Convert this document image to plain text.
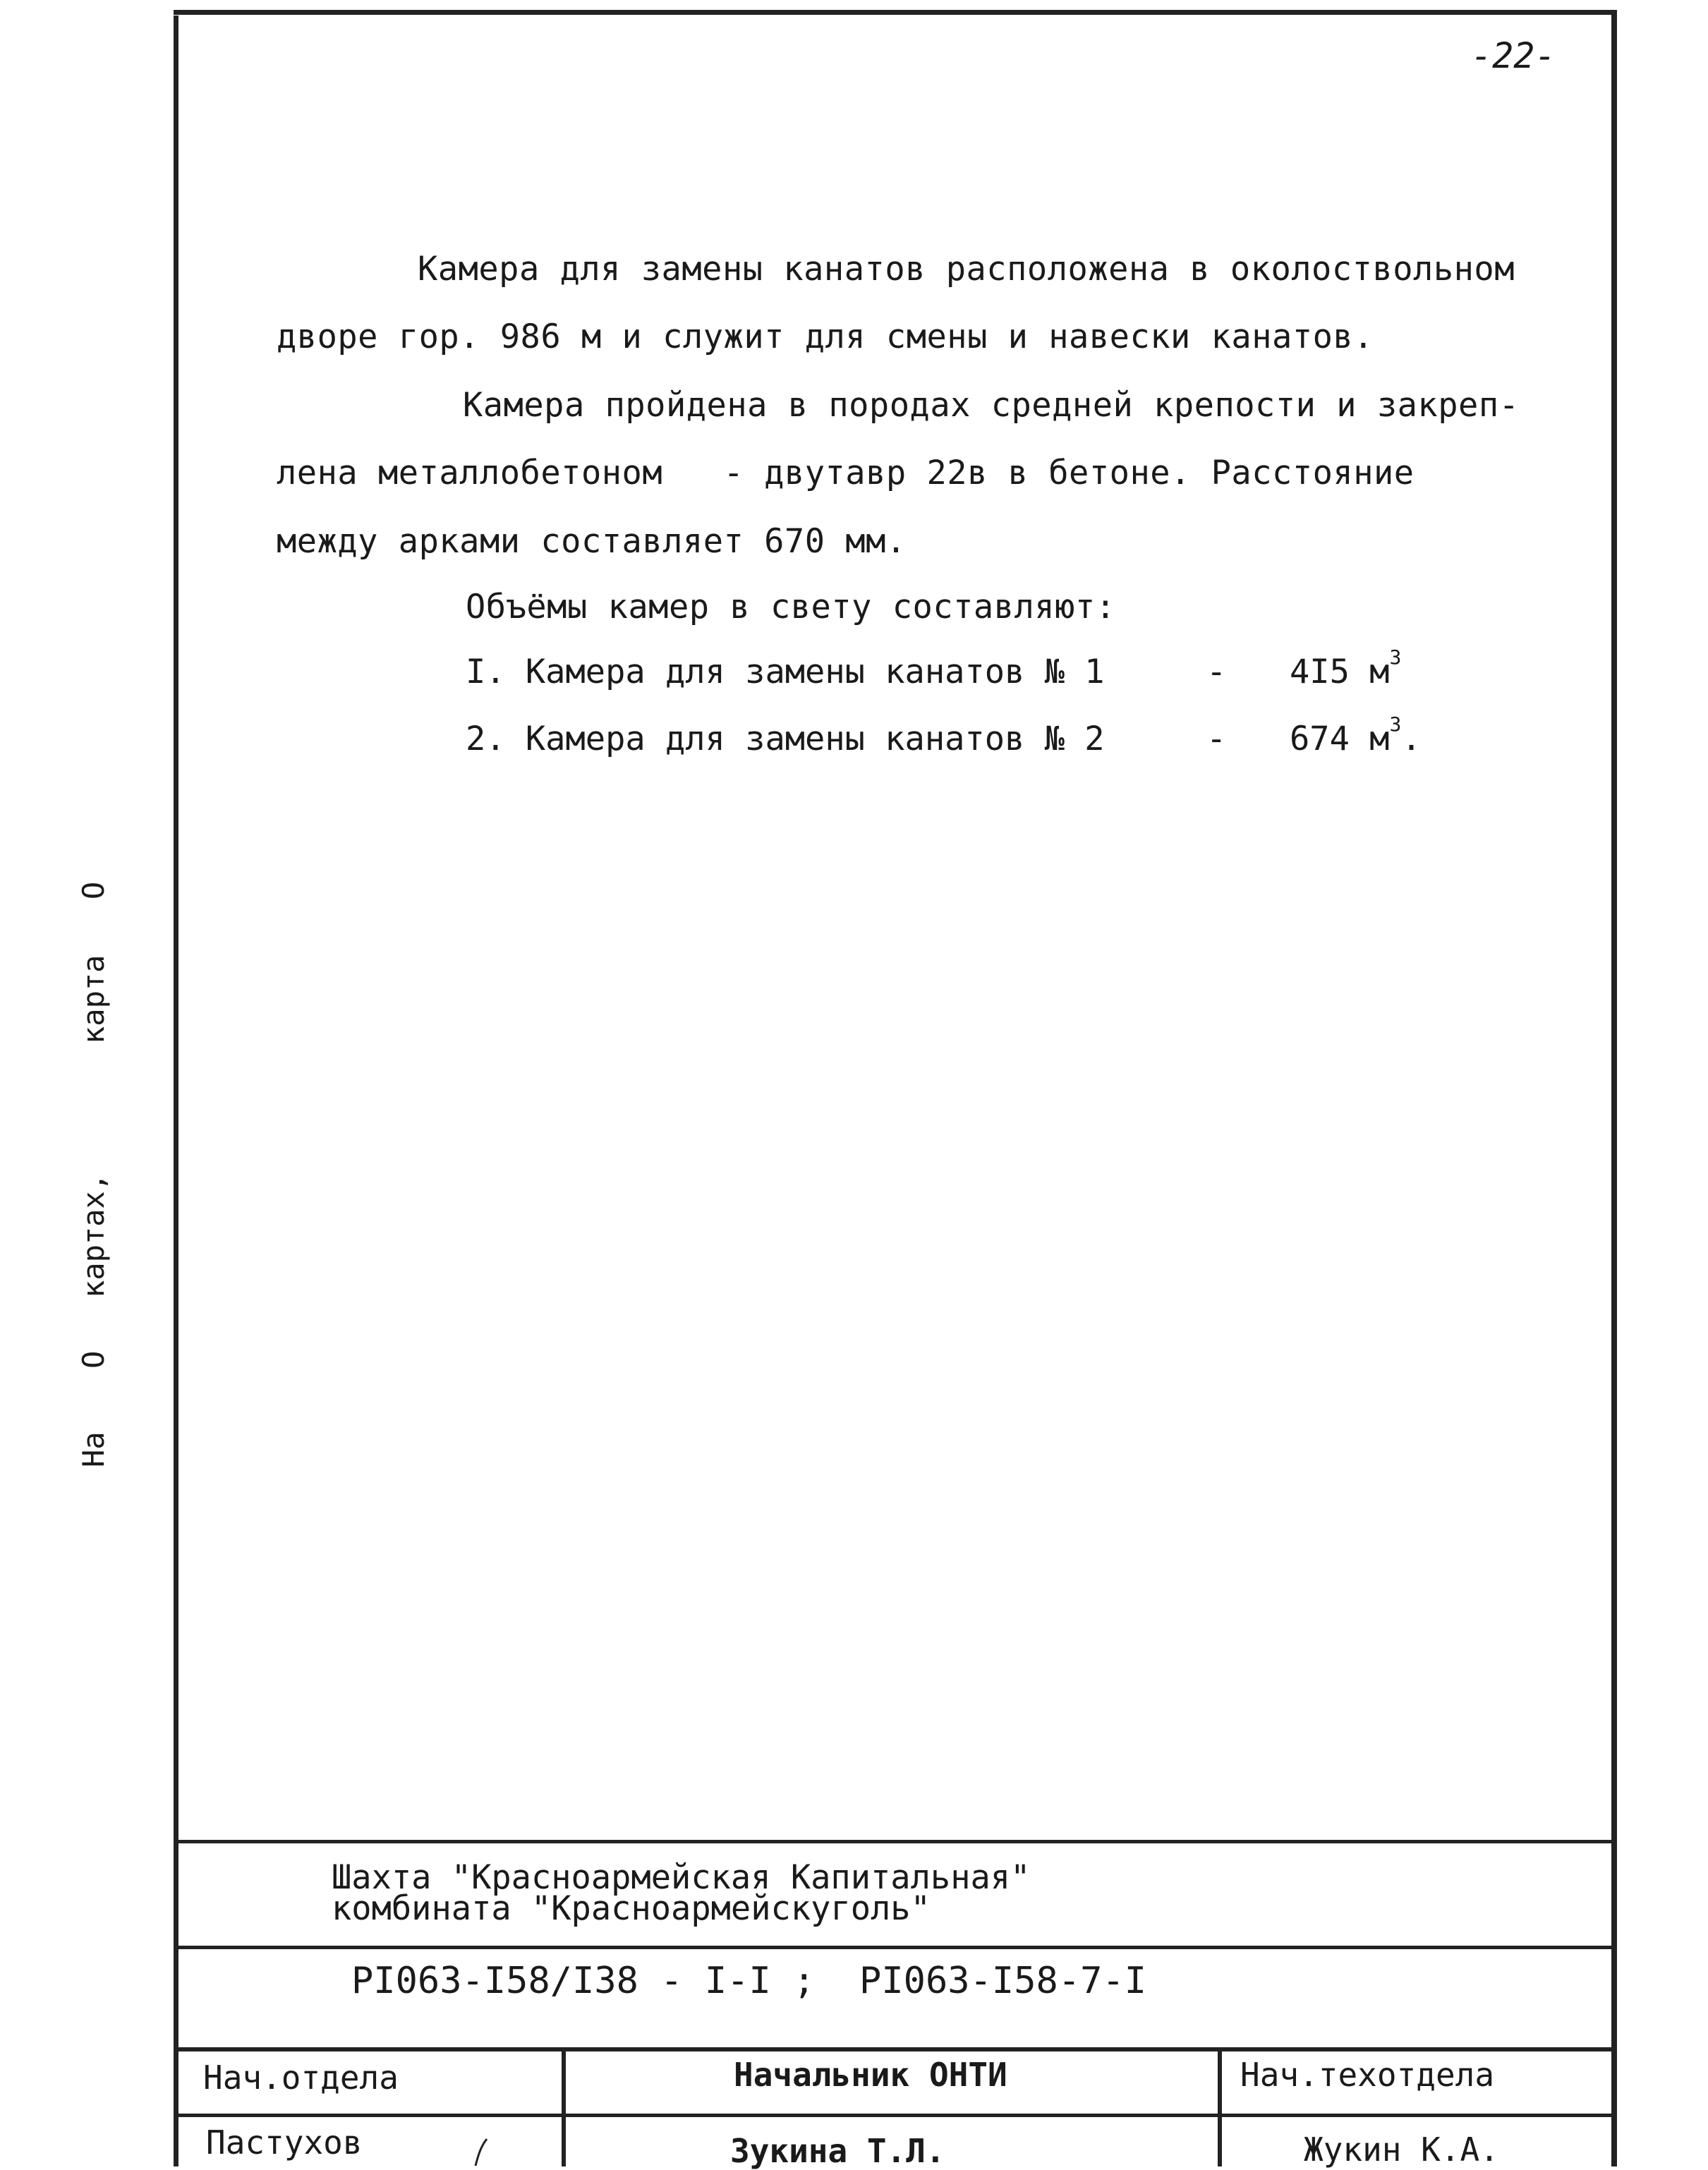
-22-
Камера для замены канатов расположена в околоствольном
дворе гор. 986 м и служит для смены и навески канатов.
Камера пройдена в породах средней крепости и закреп-
лена металлобетоном   - двутавр 22в в бетоне. Расстояние
между арками составляет 670 мм.
Объёмы камер в свету составляют:
I. Камера для замены канатов № 1	- 4I5 $м^3$
2. Камера для замены канатов № 2	- 674 $м^3$.
На
О
картах,
карта
О
Шахта "Красноармейская Капитальная"
комбината "Красноармейскуголь"
PI063-I58/I38 - I-I ;  PI063-I58-7-I
Нач.отдела	Начальник ОНТИ	Нач.техотдела
Пастухов	Зукина Т.Л.	Жукин К.А.
